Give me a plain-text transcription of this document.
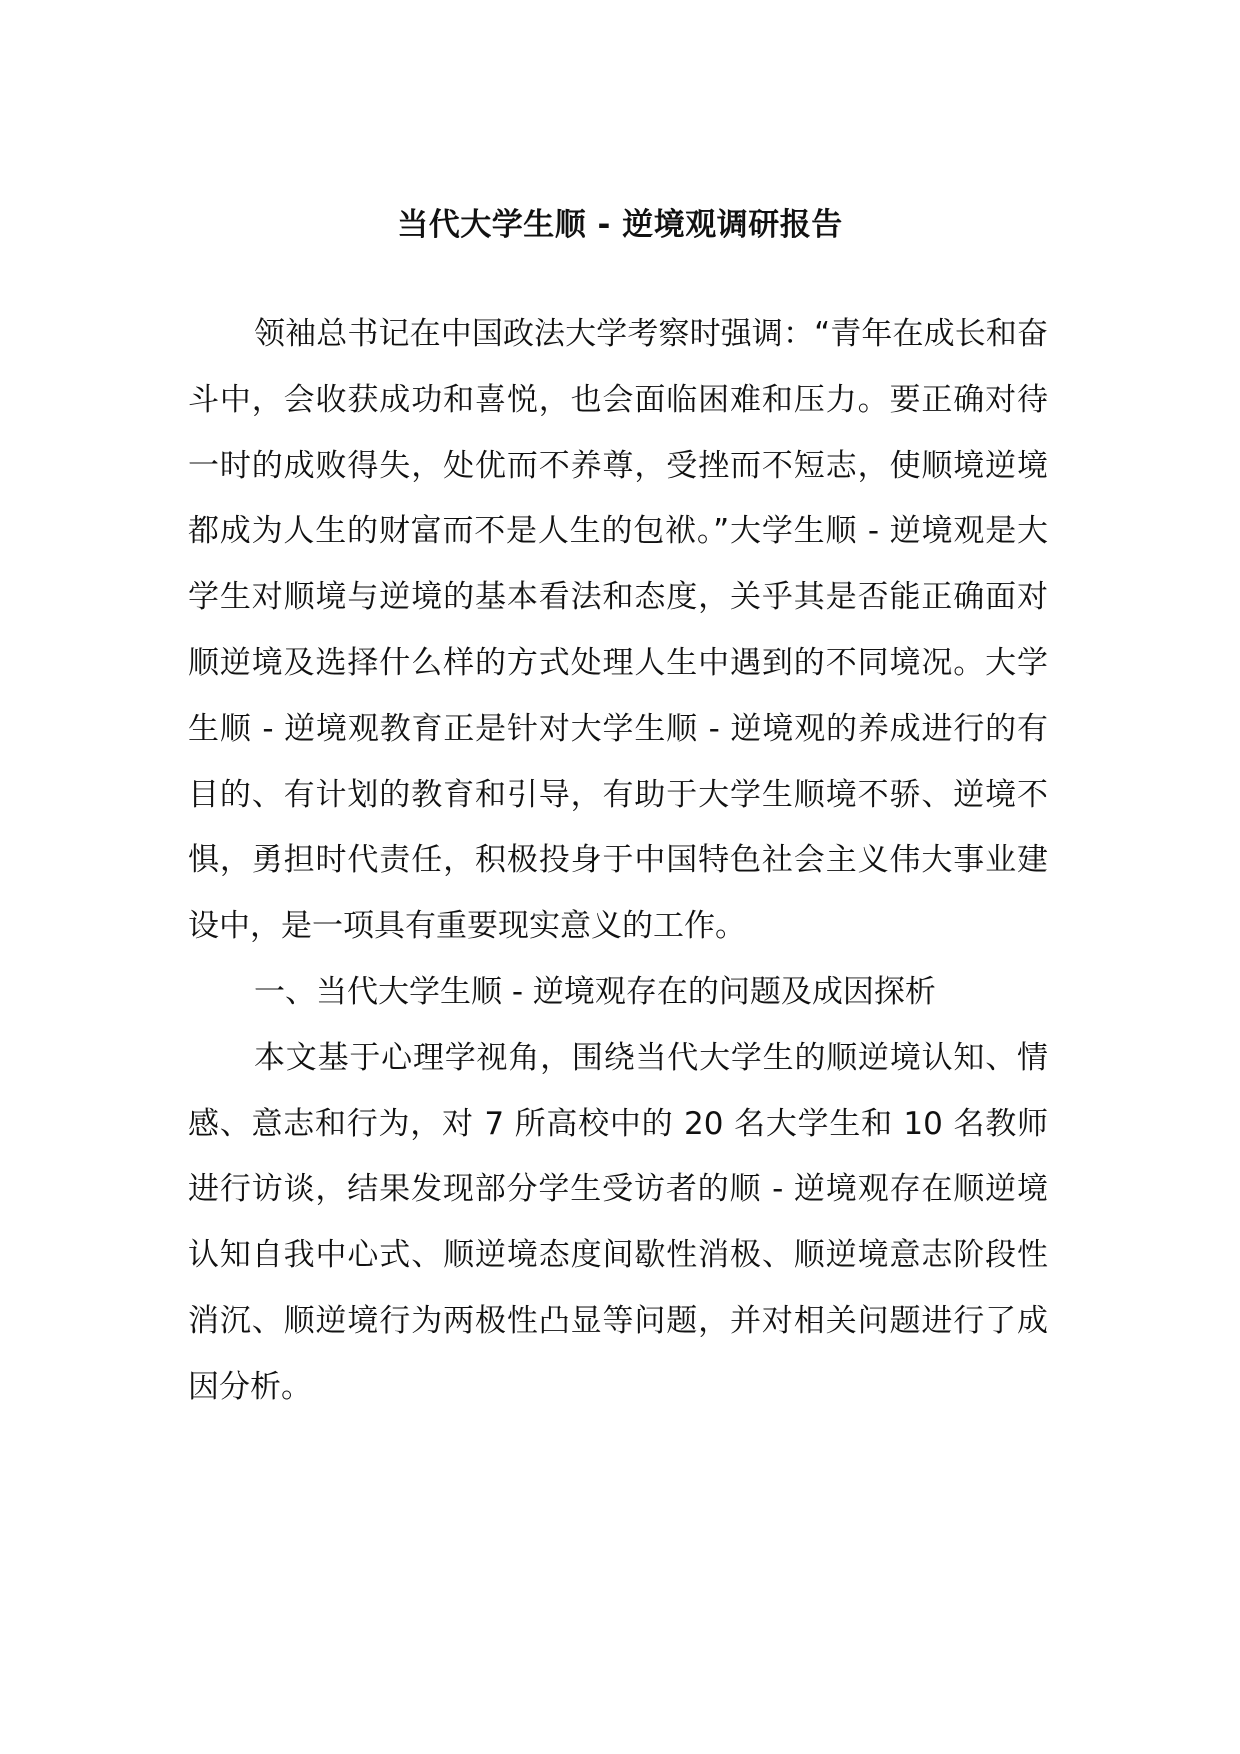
当代大学生顺 - 逆境观调研报告

领袖总书记在中国政法大学考察时强调：“青年在成长和奋斗中，会收获成功和喜悦，也会面临困难和压力。要正确对待一时的成败得失，处优而不养尊，受挫而不短志，使顺境逆境都成为人生的财富而不是人生的包袱。”大学生顺 - 逆境观是大学生对顺境与逆境的基本看法和态度，关乎其是否能正确面对顺逆境及选择什么样的方式处理人生中遇到的不同境况。大学生顺 - 逆境观教育正是针对大学生顺 - 逆境观的养成进行的有目的、有计划的教育和引导，有助于大学生顺境不骄、逆境不惧，勇担时代责任，积极投身于中国特色社会主义伟大事业建设中，是一项具有重要现实意义的工作。

一、当代大学生顺 - 逆境观存在的问题及成因探析

本文基于心理学视角，围绕当代大学生的顺逆境认知、情感、意志和行为，对 7 所高校中的 20 名大学生和 10 名教师进行访谈，结果发现部分学生受访者的顺 - 逆境观存在顺逆境认知自我中心式、顺逆境态度间歇性消极、顺逆境意志阶段性消沉、顺逆境行为两极性凸显等问题，并对相关问题进行了成因分析。
